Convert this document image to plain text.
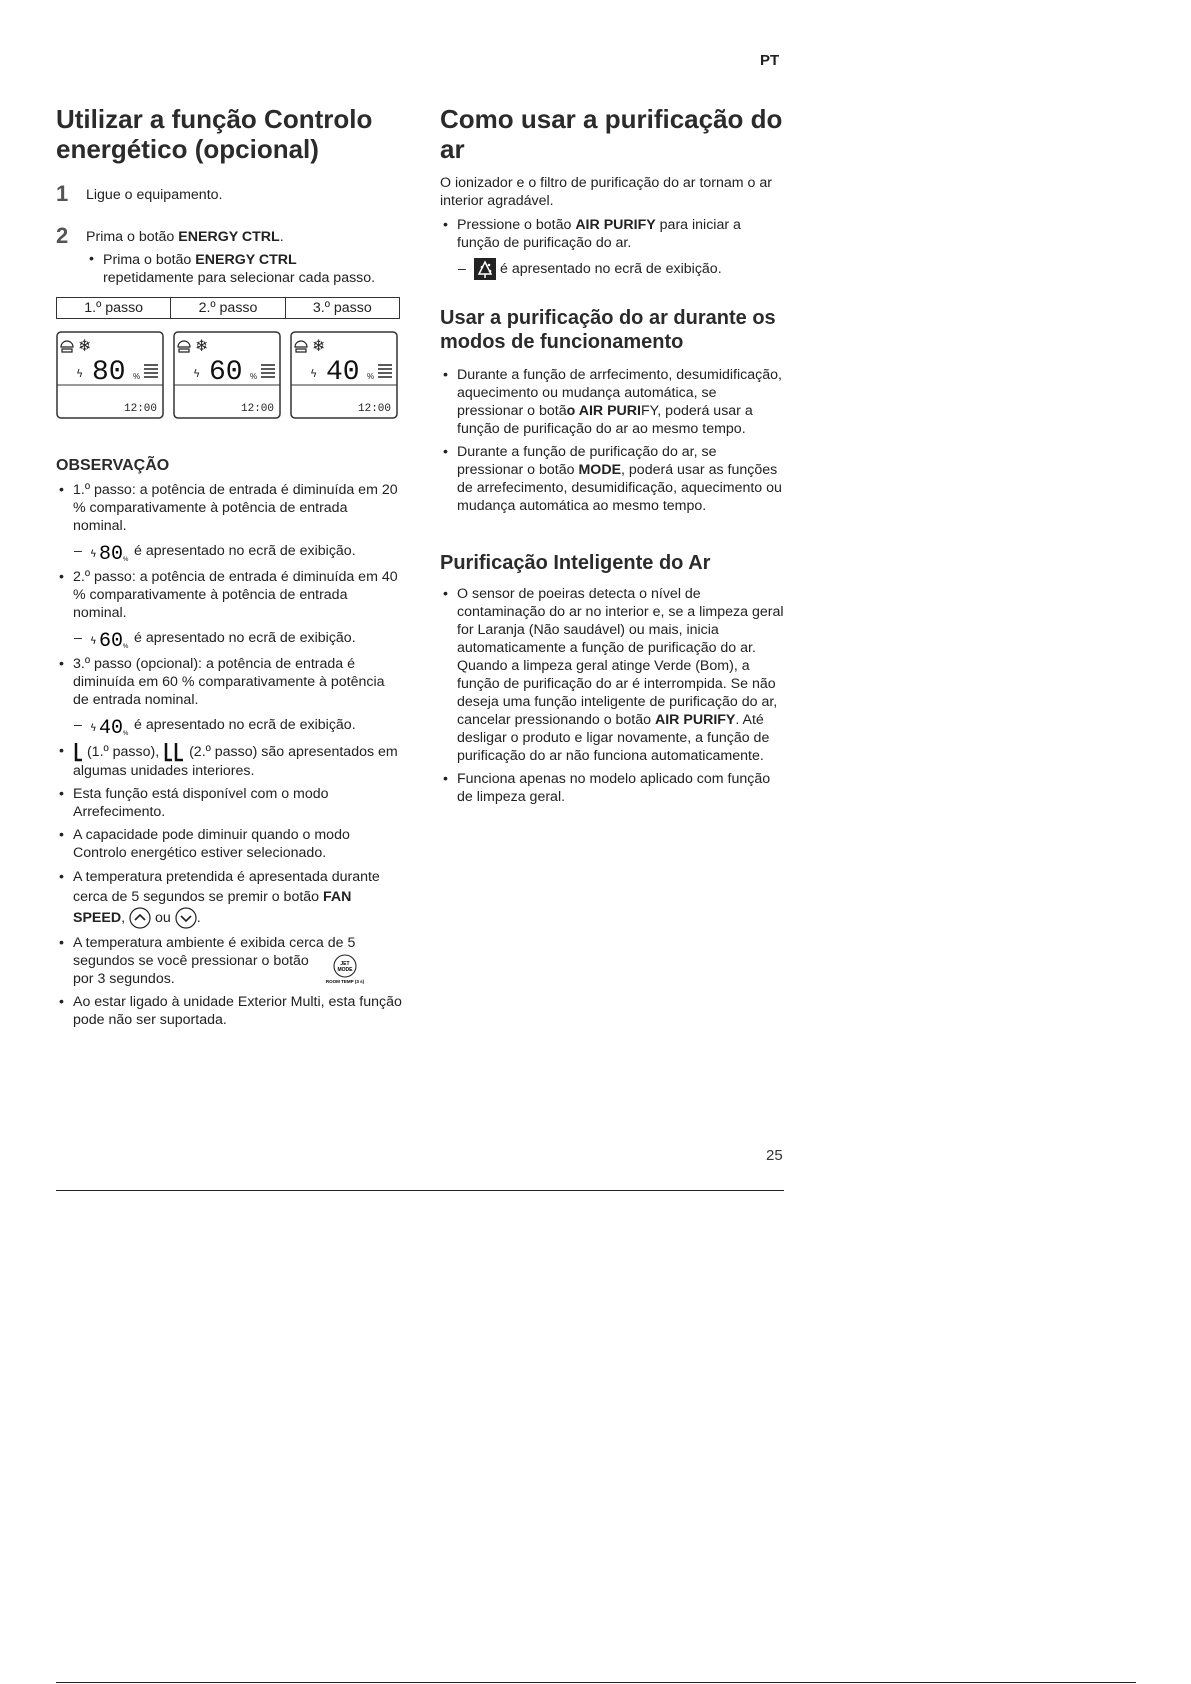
PT
Utilizar a função Controlo energético (opcional)
1 Ligue o equipamento.

2 Prima o botão ENERGY CTRL.

• Prima o botão ENERGY CTRL
repetidamente para selecionar cada passo.

1.º passo	2.º passo	3.º passo
❄
ϟ 80 %
12:00
❄
ϟ 60 %
12:00
❄
ϟ 40 %
12:00

OBSERVAÇÃO

• 1.º passo: a potência de entrada é diminuída em 20 % comparativamente à potência de entrada nominal.
– ϟ 80 %
é apresentado no ecrã de exibição.
• 2.º passo: a potência de entrada é diminuída em 40 % comparativamente à potência de entrada nominal.
– ϟ 60 %
é apresentado no ecrã de exibição.
• 3.º passo (opcional): a potência de entrada é diminuída em 60 % comparativamente à potência de entrada nominal.
– ϟ 40 %
é apresentado no ecrã de exibição.
• (1.º passo), (2.º passo) são apresentados em algumas unidades interiores.
• Esta função está disponível com o modo Arrefecimento.
• A capacidade pode diminuir quando o modo Controlo energético estiver selecionado.
• A temperatura pretendida é apresentada durante cerca de 5 segundos se premir o botão FAN SPEED, ou .
• A temperatura ambiente é exibida cerca de 5 segundos se você pressionar o botão	JET
MODE
ROOM TEMP (3 s)

por 3 segundos.
• Ao estar ligado à unidade Exterior Multi, esta função pode não ser suportada.
Como usar a purificação do ar

O ionizador e o filtro de purificação do ar tornam o ar interior agradável.

• Pressione o botão AIR PURIFY para iniciar a função de purificação do ar.
– é apresentado no ecrã de exibição.
Usar a purificação do ar durante os modos de funcionamento
• Durante a função de arrfecimento, desumidificação, aquecimento ou mudança automática, se pressionar o botão AIR PURIFY, poderá usar a função de purificação do ar ao mesmo tempo.
• Durante a função de purificação do ar, se pressionar o botão MODE, poderá usar as funções de arrefecimento, desumidificação, aquecimento ou mudança automática ao mesmo tempo.
Purificação Inteligente do Ar
• O sensor de poeiras detecta o nível de contaminação do ar no interior e, se a limpeza geral for Laranja (Não saudável) ou mais, inicia automaticamente a função de purificação do ar. Quando a limpeza geral atinge Verde (Bom), a função de purificação do ar é interrompida. Se não deseja uma função inteligente de purificação do ar, cancelar pressionando o botão AIR PURIFY. Até desligar o produto e ligar novamente, a função de purificação do ar não funciona automaticamente.
• Funciona apenas no modelo aplicado com função de limpeza geral.
25
